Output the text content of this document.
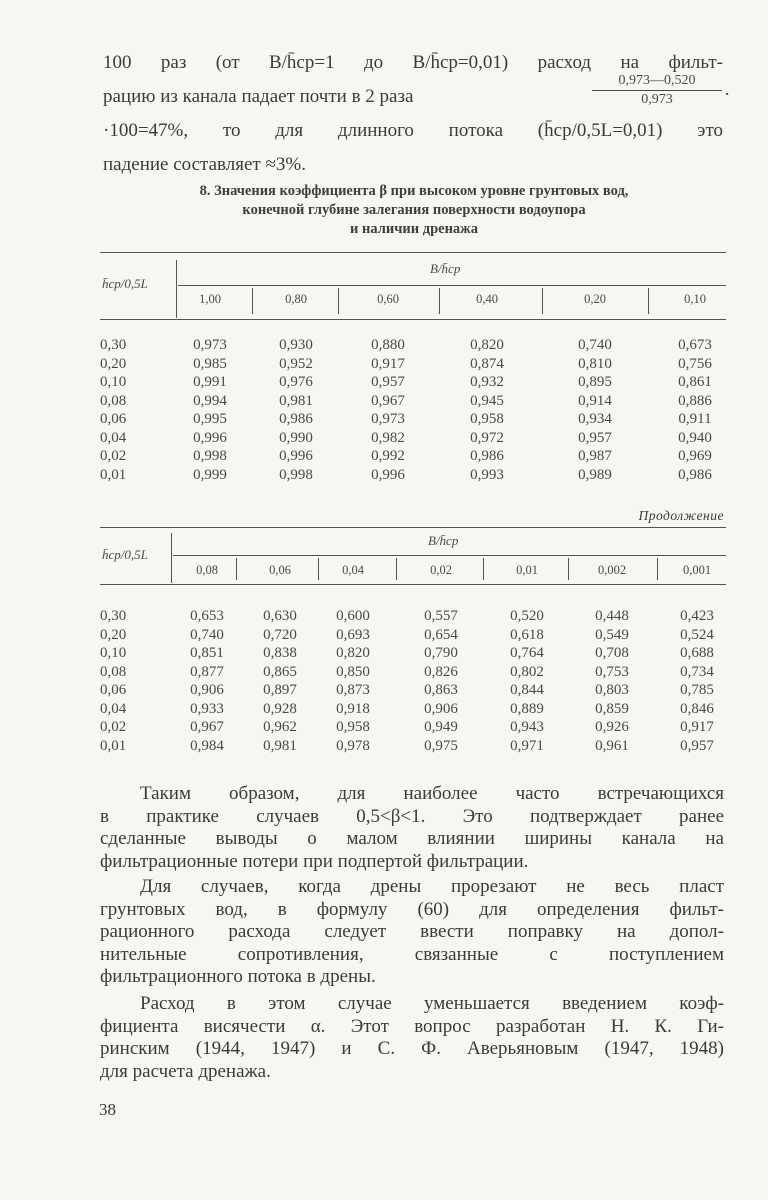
100 раз (от B/h̄ср=1 до B/h̄ср=0,01) расход на фильт-
рацию из канала падает почти в 2 раза
·100=47%, то для длинного потока (h̄ср/0,5L=0,01) это
падение составляет ≈3%.
$\frac{0,973—0,520}{0,973}$ ·
8. Значения коэффициента β при высоком уровне грунтовых вод,
конечной глубине залегания поверхности водоупора
и наличии дренажа
h̄ср/0,5L
B/h̄ср
1,00	0,80	0,60	0,40	0,20	0,10
0,30	0,973	0,930	0,880	0,820	0,740	0,673
0,20	0,985	0,952	0,917	0,874	0,810	0,756
0,10	0,991	0,976	0,957	0,932	0,895	0,861
0,08	0,994	0,981	0,967	0,945	0,914	0,886
0,06	0,995	0,986	0,973	0,958	0,934	0,911
0,04	0,996	0,990	0,982	0,972	0,957	0,940
0,02	0,998	0,996	0,992	0,986	0,987	0,969
0,01	0,999	0,998	0,996	0,993	0,989	0,986
Продолжение
h̄ср/0,5L
B/h̄ср
0,08	0,06	0,04	0,02	0,01	0,002	0,001
0,30	0,653	0,630	0,600	0,557	0,520	0,448	0,423
0,20	0,740	0,720	0,693	0,654	0,618	0,549	0,524
0,10	0,851	0,838	0,820	0,790	0,764	0,708	0,688
0,08	0,877	0,865	0,850	0,826	0,802	0,753	0,734
0,06	0,906	0,897	0,873	0,863	0,844	0,803	0,785
0,04	0,933	0,928	0,918	0,906	0,889	0,859	0,846
0,02	0,967	0,962	0,958	0,949	0,943	0,926	0,917
0,01	0,984	0,981	0,978	0,975	0,971	0,961	0,957
Таким образом, для наиболее часто встречающихся
в практике случаев 0,5<β<1. Это подтверждает ранее
сделанные выводы о малом влиянии ширины канала на
фильтрационные потери при подпертой фильтрации.
Для случаев, когда дрены прорезают не весь пласт
грунтовых вод, в формулу (60) для определения фильт-
рационного расхода следует ввести поправку на допол-
нительные сопротивления, связанные с поступлением
фильтрационного потока в дрены.
Расход в этом случае уменьшается введением коэф-
фициента висячести α. Этот вопрос разработан Н. К. Ги-
ринским (1944, 1947) и С. Ф. Аверьяновым (1947, 1948)
для расчета дренажа.
38
